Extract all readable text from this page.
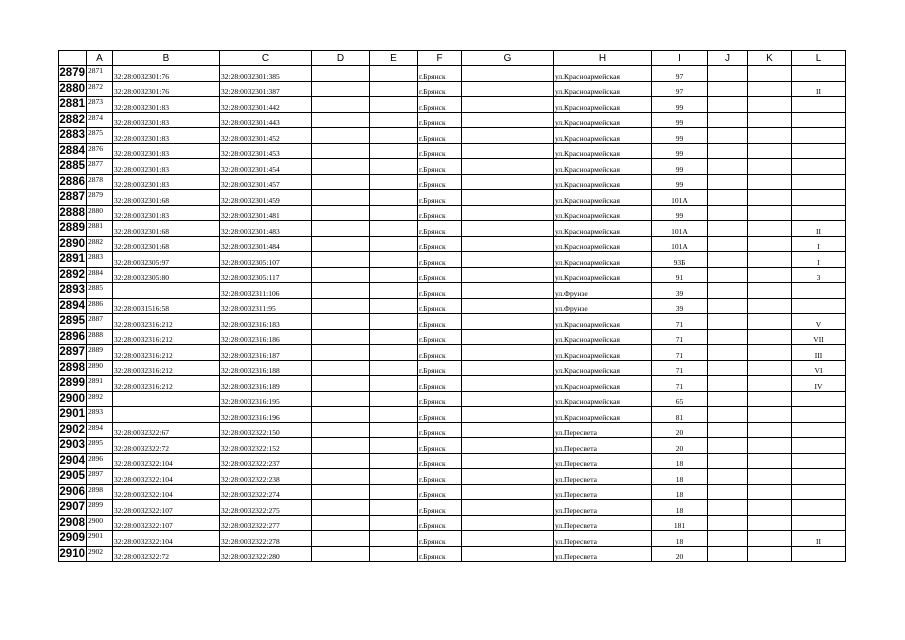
	A	B	C	D	E	F	G	H	I	J	K	L
2879	2871	32:28:0032301:76	32:28:0032301:385			г.Брянск		ул.Красноармейская	97			
2880	2872	32:28:0032301:76	32:28:0032301:387			г.Брянск		ул.Красноармейская	97			II
2881	2873	32:28:0032301:83	32:28:0032301:442			г.Брянск		ул.Красноармейская	99			
2882	2874	32:28:0032301:83	32:28:0032301:443			г.Брянск		ул.Красноармейская	99			
2883	2875	32:28:0032301:83	32:28:0032301:452			г.Брянск		ул.Красноармейская	99			
2884	2876	32:28:0032301:83	32:28:0032301:453			г.Брянск		ул.Красноармейская	99			
2885	2877	32:28:0032301:83	32:28:0032301:454			г.Брянск		ул.Красноармейская	99			
2886	2878	32:28:0032301:83	32:28:0032301:457			г.Брянск		ул.Красноармейская	99			
2887	2879	32:28:0032301:68	32:28:0032301:459			г.Брянск		ул.Красноармейская	101А			
2888	2880	32:28:0032301:83	32:28:0032301:481			г.Брянск		ул.Красноармейская	99			
2889	2881	32:28:0032301:68	32:28:0032301:483			г.Брянск		ул.Красноармейская	101А			II
2890	2882	32:28:0032301:68	32:28:0032301:484			г.Брянск		ул.Красноармейская	101А			I
2891	2883	32:28:0032305:97	32:28:0032305:107			г.Брянск		ул.Красноармейская	93Б			I
2892	2884	32:28:0032305:80	32:28:0032305:117			г.Брянск		ул.Красноармейская	91			3
2893	2885		32:28:0032311:106			г.Брянск		ул.Фрунзе	39			
2894	2886	32:28:0031516:58	32:28:0032311:95			г.Брянск		ул.Фрунзе	39			
2895	2887	32:28:0032316:212	32:28:0032316:183			г.Брянск		ул.Красноармейская	71			V
2896	2888	32:28:0032316:212	32:28:0032316:186			г.Брянск		ул.Красноармейская	71			VII
2897	2889	32:28:0032316:212	32:28:0032316:187			г.Брянск		ул.Красноармейская	71			III
2898	2890	32:28:0032316:212	32:28:0032316:188			г.Брянск		ул.Красноармейская	71			VI
2899	2891	32:28:0032316:212	32:28:0032316:189			г.Брянск		ул.Красноармейская	71			IV
2900	2892		32:28:0032316:195			г.Брянск		ул.Красноармейская	65			
2901	2893		32:28:0032316:196			г.Брянск		ул.Красноармейская	81			
2902	2894	32:28:0032322:67	32:28:0032322:150			г.Брянск		ул.Пересвета	20			
2903	2895	32:28:0032322:72	32:28:0032322:152			г.Брянск		ул.Пересвета	20			
2904	2896	32:28:0032322:104	32:28:0032322:237			г.Брянск		ул.Пересвета	18			
2905	2897	32:28:0032322:104	32:28:0032322:238			г.Брянск		ул.Пересвета	18			
2906	2898	32:28:0032322:104	32:28:0032322:274			г.Брянск		ул.Пересвета	18			
2907	2899	32:28:0032322:107	32:28:0032322:275			г.Брянск		ул.Пересвета	18			
2908	2900	32:28:0032322:107	32:28:0032322:277			г.Брянск		ул.Пересвета	181			
2909	2901	32:28:0032322:104	32:28:0032322:278			г.Брянск		ул.Пересвета	18			II
2910	2902	32:28:0032322:72	32:28:0032322:280			г.Брянск		ул.Пересвета	20			
